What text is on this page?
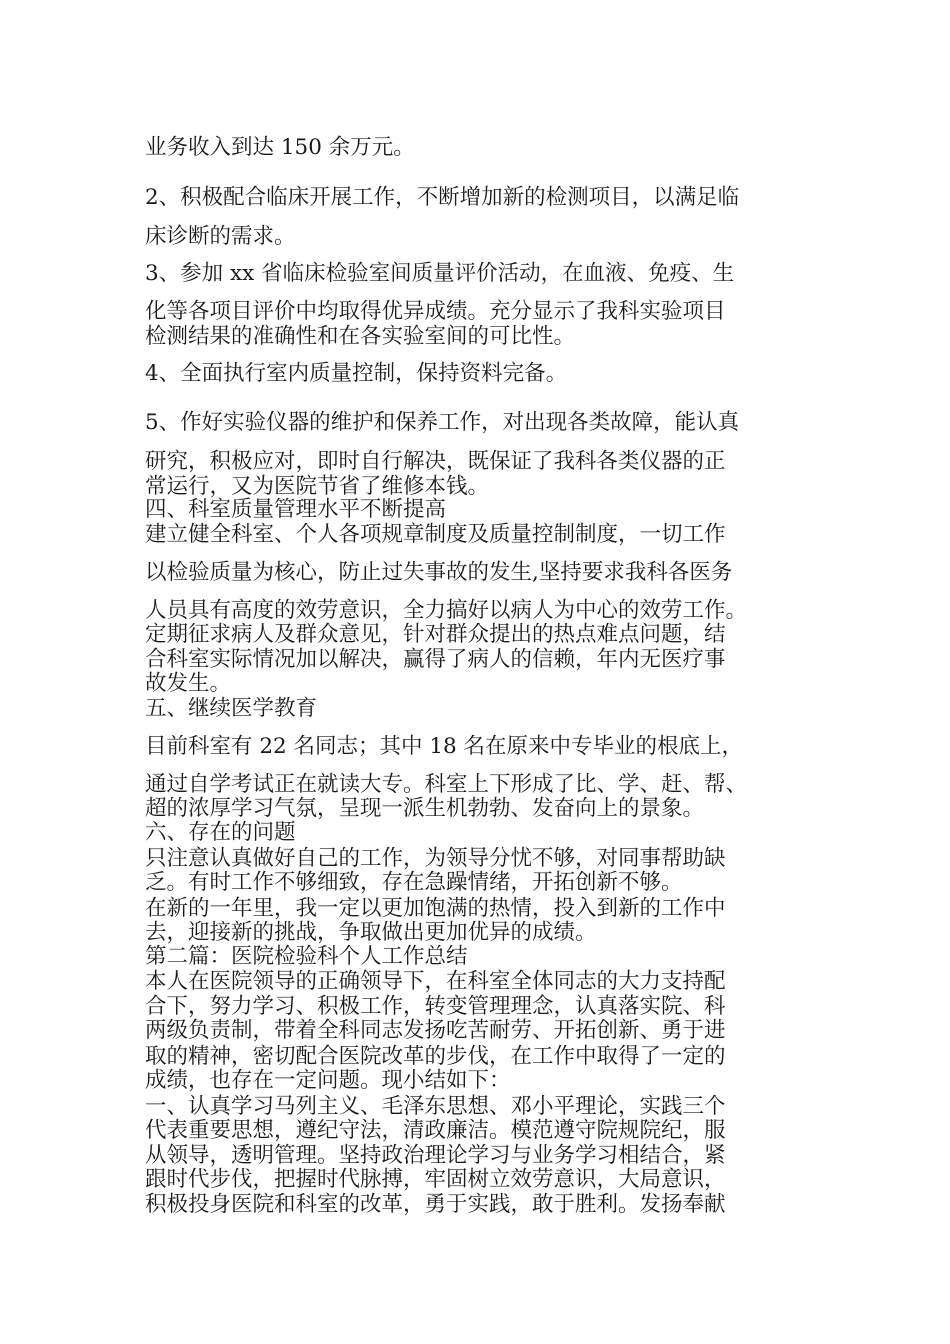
业务收入到达 150 余万元。
2、积极配合临床开展工作，不断增加新的检测项目，以满足临
床诊断的需求。
3、参加 xx 省临床检验室间质量评价活动，在血液、免疫、生
化等各项目评价中均取得优异成绩。充分显示了我科实验项目
检测结果的准确性和在各实验室间的可比性。
4、全面执行室内质量控制，保持资料完备。
5、作好实验仪器的维护和保养工作，对出现各类故障，能认真
研究，积极应对，即时自行解决，既保证了我科各类仪器的正
常运行，又为医院节省了维修本钱。
四、科室质量管理水平不断提高
建立健全科室、个人各项规章制度及质量控制制度，一切工作
以检验质量为核心，防止过失事故的发生,坚持要求我科各医务
人员具有高度的效劳意识，全力搞好以病人为中心的效劳工作。
定期征求病人及群众意见，针对群众提出的热点难点问题，结
合科室实际情况加以解决，赢得了病人的信赖，年内无医疗事
故发生。
五、继续医学教育
目前科室有 22 名同志；其中 18 名在原来中专毕业的根底上，
通过自学考试正在就读大专。科室上下形成了比、学、赶、帮、
超的浓厚学习气氛，呈现一派生机勃勃、发奋向上的景象。
六、存在的问题
只注意认真做好自己的工作，为领导分忧不够，对同事帮助缺
乏。有时工作不够细致，存在急躁情绪，开拓创新不够。
在新的一年里，我一定以更加饱满的热情，投入到新的工作中
去，迎接新的挑战，争取做出更加优异的成绩。
第二篇：医院检验科个人工作总结
本人在医院领导的正确领导下，在科室全体同志的大力支持配
合下，努力学习、积极工作，转变管理理念，认真落实院、科
两级负责制，带着全科同志发扬吃苦耐劳、开拓创新、勇于进
取的精神，密切配合医院改革的步伐，在工作中取得了一定的
成绩，也存在一定问题。现小结如下：
一、认真学习马列主义、毛泽东思想、邓小平理论，实践三个
代表重要思想，遵纪守法，清政廉洁。模范遵守院规院纪，服
从领导，透明管理。坚持政治理论学习与业务学习相结合，紧
跟时代步伐，把握时代脉搏，牢固树立效劳意识，大局意识，
积极投身医院和科室的改革，勇于实践，敢于胜利。发扬奉献
